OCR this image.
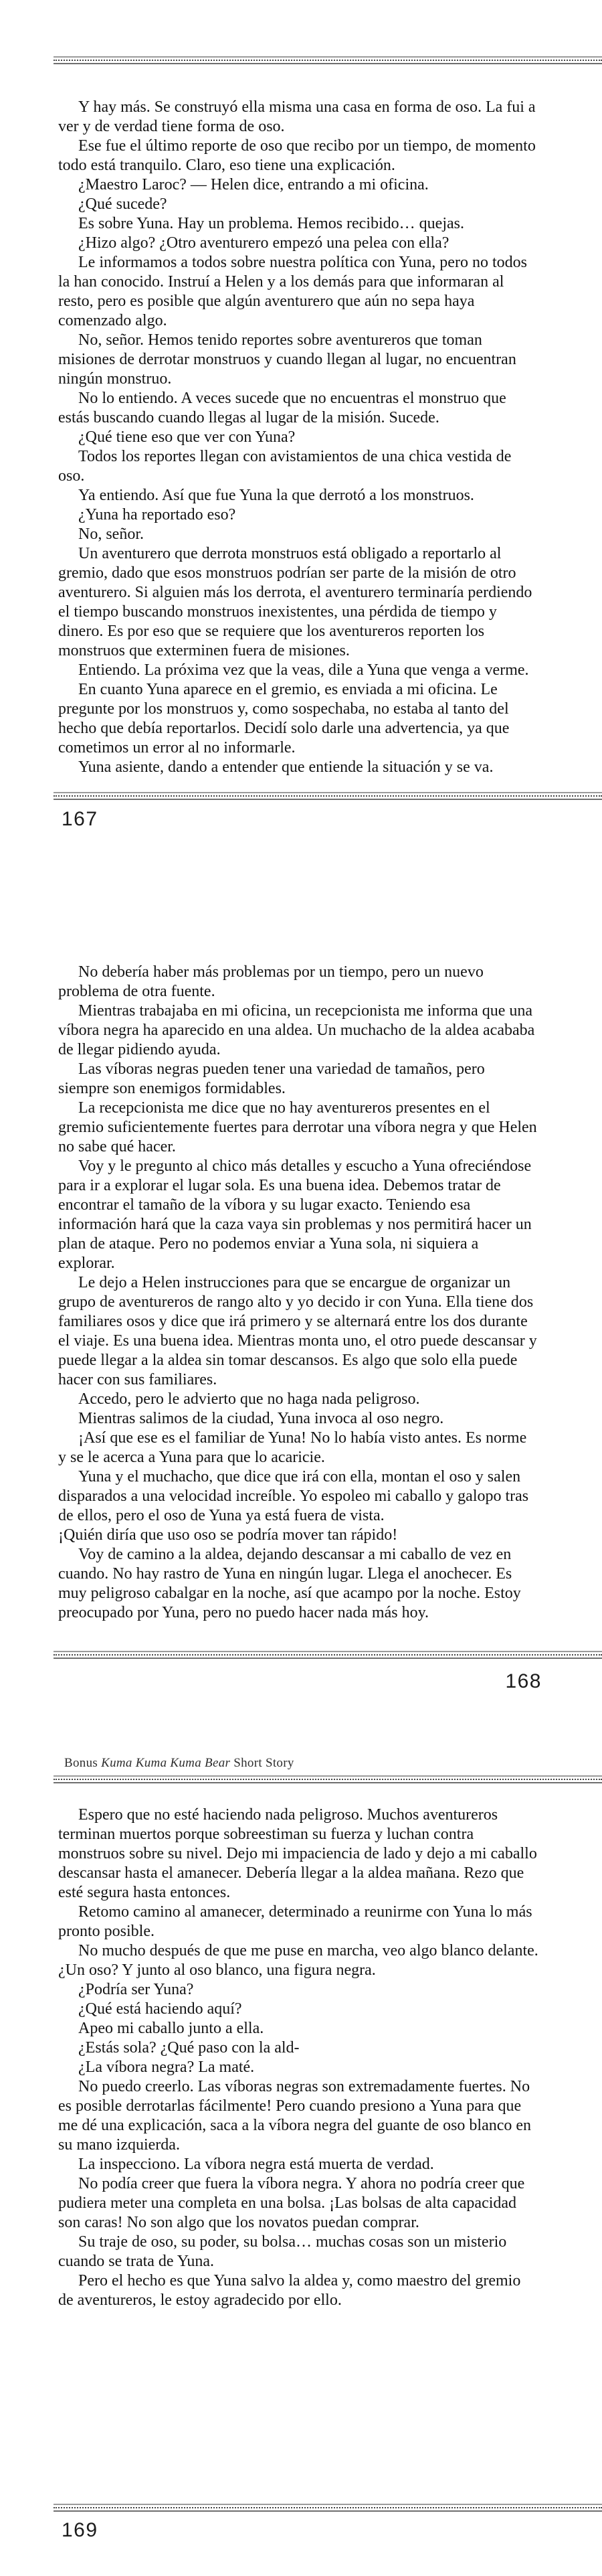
Y hay más. Se construyó ella misma una casa en forma de oso. La fui a ver y de verdad tiene forma de oso.

Ese fue el último reporte de oso que recibo por un tiempo, de momento todo está tranquilo. Claro, eso tiene una explicación.

¿Maestro Laroc? — Helen dice, entrando a mi oficina.

¿Qué sucede?

Es sobre Yuna. Hay un problema. Hemos recibido… quejas.

¿Hizo algo? ¿Otro aventurero empezó una pelea con ella?

Le informamos a todos sobre nuestra política con Yuna, pero no todos la han conocido. Instruí a Helen y a los demás para que informaran al resto, pero es posible que algún aventurero que aún no sepa haya comenzado algo.

No, señor. Hemos tenido reportes sobre aventureros que toman misiones de derrotar monstruos y cuando llegan al lugar, no encuentran ningún monstruo.

No lo entiendo. A veces sucede que no encuentras el monstruo que estás buscando cuando llegas al lugar de la misión. Sucede.

¿Qué tiene eso que ver con Yuna?

Todos los reportes llegan con avistamientos de una chica vestida de oso.

Ya entiendo. Así que fue Yuna la que derrotó a los monstruos.

¿Yuna ha reportado eso?

No, señor.

Un aventurero que derrota monstruos está obligado a reportarlo al gremio, dado que esos monstruos podrían ser parte de la misión de otro aventurero. Si alguien más los derrota, el aventurero terminaría perdiendo el tiempo buscando monstruos inexistentes, una pérdida de tiempo y dinero. Es por eso que se requiere que los aventureros reporten los monstruos que exterminen fuera de misiones.

Entiendo. La próxima vez que la veas, dile a Yuna que venga a verme.

En cuanto Yuna aparece en el gremio, es enviada a mi oficina. Le pregunte por los monstruos y, como sospechaba, no estaba al tanto del hecho que debía reportarlos. Decidí solo darle una advertencia, ya que cometimos un error al no informarle.

Yuna asiente, dando a entender que entiende la situación y se va.

167

No debería haber más problemas por un tiempo, pero un nuevo problema de otra fuente.

Mientras trabajaba en mi oficina, un recepcionista me informa que una víbora negra ha aparecido en una aldea. Un muchacho de la aldea acababa de llegar pidiendo ayuda.

Las víboras negras pueden tener una variedad de tamaños, pero siempre son enemigos formidables.

La recepcionista me dice que no hay aventureros presentes en el gremio suficientemente fuertes para derrotar una víbora negra y que Helen no sabe qué hacer.

Voy y le pregunto al chico más detalles y escucho a Yuna ofreciéndose para ir a explorar el lugar sola. Es una buena idea. Debemos tratar de encontrar el tamaño de la víbora y su lugar exacto. Teniendo esa información hará que la caza vaya sin problemas y nos permitirá hacer un plan de ataque. Pero no podemos enviar a Yuna sola, ni siquiera a explorar.

Le dejo a Helen instrucciones para que se encargue de organizar un grupo de aventureros de rango alto y yo decido ir con Yuna. Ella tiene dos familiares osos y dice que irá primero y se alternará entre los dos durante el viaje. Es una buena idea. Mientras monta uno, el otro puede descansar y puede llegar a la aldea sin tomar descansos. Es algo que solo ella puede hacer con sus familiares.

Accedo, pero le advierto que no haga nada peligroso.

Mientras salimos de la ciudad, Yuna invoca al oso negro.

¡Así que ese es el familiar de Yuna! No lo había visto antes. Es norme y se le acerca a Yuna para que lo acaricie.

Yuna y el muchacho, que dice que irá con ella, montan el oso y salen disparados a una velocidad increíble. Yo espoleo mi caballo y galopo tras de ellos, pero el oso de Yuna ya está fuera de vista.

¡Quién diría que uso oso se podría mover tan rápido!

Voy de camino a la aldea, dejando descansar a mi caballo de vez en cuando. No hay rastro de Yuna en ningún lugar. Llega el anochecer. Es muy peligroso cabalgar en la noche, así que acampo por la noche. Estoy preocupado por Yuna, pero no puedo hacer nada más hoy.

168
Bonus Kuma Kuma Kuma Bear Short Story

Espero que no esté haciendo nada peligroso. Muchos aventureros terminan muertos porque sobreestiman su fuerza y luchan contra monstruos sobre su nivel. Dejo mi impaciencia de lado y dejo a mi caballo descansar hasta el amanecer. Debería llegar a la aldea mañana. Rezo que esté segura hasta entonces.

Retomo camino al amanecer, determinado a reunirme con Yuna lo más pronto posible.

No mucho después de que me puse en marcha, veo algo blanco delante. ¿Un oso? Y junto al oso blanco, una figura negra.

¿Podría ser Yuna?

¿Qué está haciendo aquí?

Apeo mi caballo junto a ella.

¿Estás sola? ¿Qué paso con la ald-

¿La víbora negra? La maté.

No puedo creerlo. Las víboras negras son extremadamente fuertes. No es posible derrotarlas fácilmente! Pero cuando presiono a Yuna para que me dé una explicación, saca a la víbora negra del guante de oso blanco en su mano izquierda.

La inspecciono. La víbora negra está muerta de verdad.

No podía creer que fuera la víbora negra. Y ahora no podría creer que pudiera meter una completa en una bolsa. ¡Las bolsas de alta capacidad son caras! No son algo que los novatos puedan comprar.

Su traje de oso, su poder, su bolsa… muchas cosas son un misterio cuando se trata de Yuna.

Pero el hecho es que Yuna salvo la aldea y, como maestro del gremio de aventureros, le estoy agradecido por ello.

169
